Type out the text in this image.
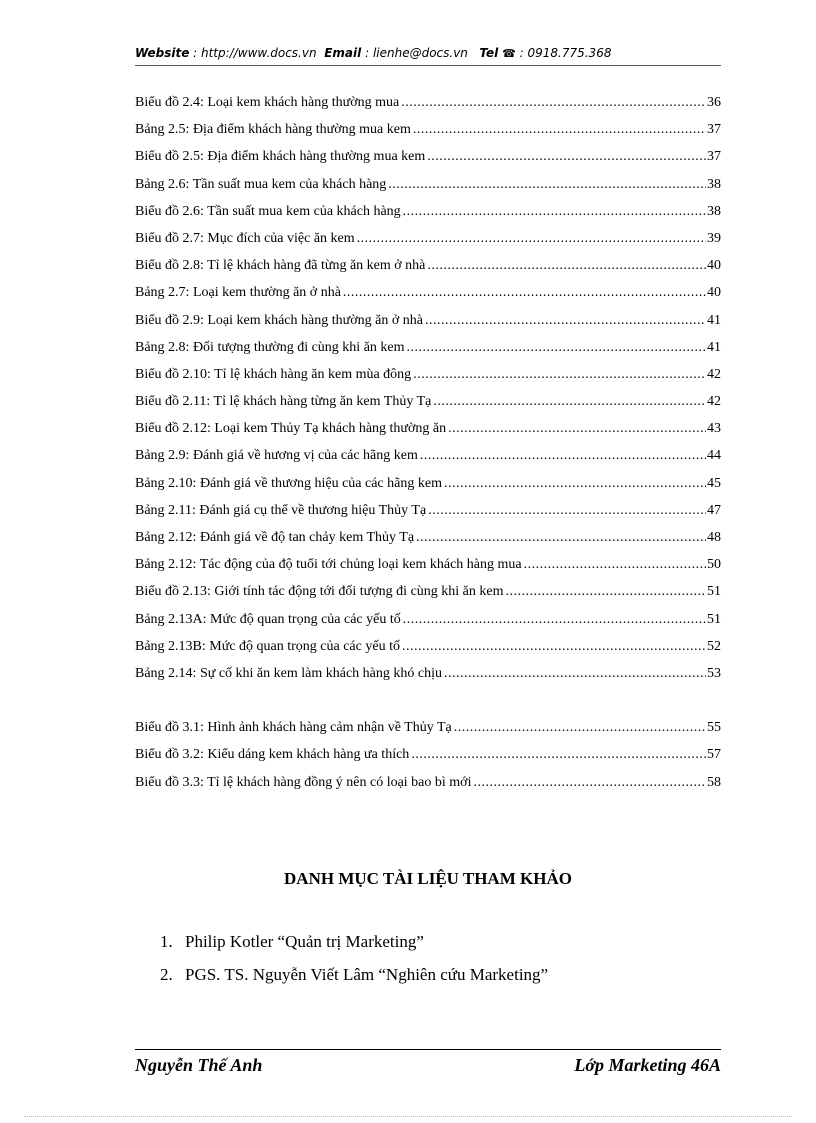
Website : http://www.docs.vn Email : lienhe@docs.vn Tel ☎ : 0918.775.368
Biểu đồ 2.4: Loại kem khách hàng thường mua .....	36
Bảng 2.5: Địa điểm khách hàng thường mua kem .....	37
Biểu đồ 2.5: Địa điểm khách hàng thường mua kem .....	37
Bảng 2.6: Tần suất mua kem của khách hàng .....	38
Biểu đồ 2.6: Tần suất mua kem của khách hàng .....	38
Biểu đồ 2.7: Mục đích của việc ăn kem .....	39
Biểu đồ 2.8: Tỉ lệ khách hàng đã từng ăn kem ở nhà .....	40
Bảng 2.7: Loại kem thường ăn ở nhà .....	40
Biểu đồ 2.9: Loại kem khách hàng thường ăn ở nhà .....	41
Bảng 2.8: Đối tượng thường đi cùng khi ăn kem .....	41
Biểu đồ 2.10: Tỉ lệ khách hàng ăn kem mùa đông .....	42
Biểu đồ 2.11: Tỉ lệ khách hàng từng ăn kem Thủy Tạ .....	42
Biểu đồ 2.12: Loại kem Thủy Tạ khách hàng thường ăn .....	43
Bảng 2.9: Đánh giá về hương vị của các hãng kem .....	44
Bảng 2.10: Đánh giá về thương hiệu của các hãng kem .....	45
Bảng 2.11: Đánh giá cụ thể về thương hiệu Thủy Tạ .....	47
Bảng 2.12: Đánh giá về độ tan chảy kem Thủy Tạ .....	48
Bảng 2.12: Tác động của độ tuổi tới chủng loại kem khách hàng mua .....	50
Biểu đồ 2.13: Giới tính tác động tới đối tượng đi cùng khi ăn kem .....	51
Bảng 2.13A: Mức độ quan trọng của các yếu tố .....	51
Bảng 2.13B: Mức độ quan trọng của các yếu tố .....	52
Bảng 2.14: Sự cố khi ăn kem làm khách hàng khó chịu .....	53
Biểu đồ 3.1: Hình ảnh khách hàng cảm nhận về Thủy Tạ .....	55
Biểu đồ 3.2: Kiểu dáng kem khách hàng ưa thích .....	57
Biểu đồ 3.3: Tỉ lệ khách hàng đồng ý nên có loại bao bì mới .....	58
DANH MỤC TÀI LIỆU THAM KHẢO
1. Philip Kotler “Quản trị Marketing”
2. PGS. TS. Nguyễn Viết Lâm “Nghiên cứu Marketing”
Nguyễn Thế Anh	Lớp Marketing 46A
